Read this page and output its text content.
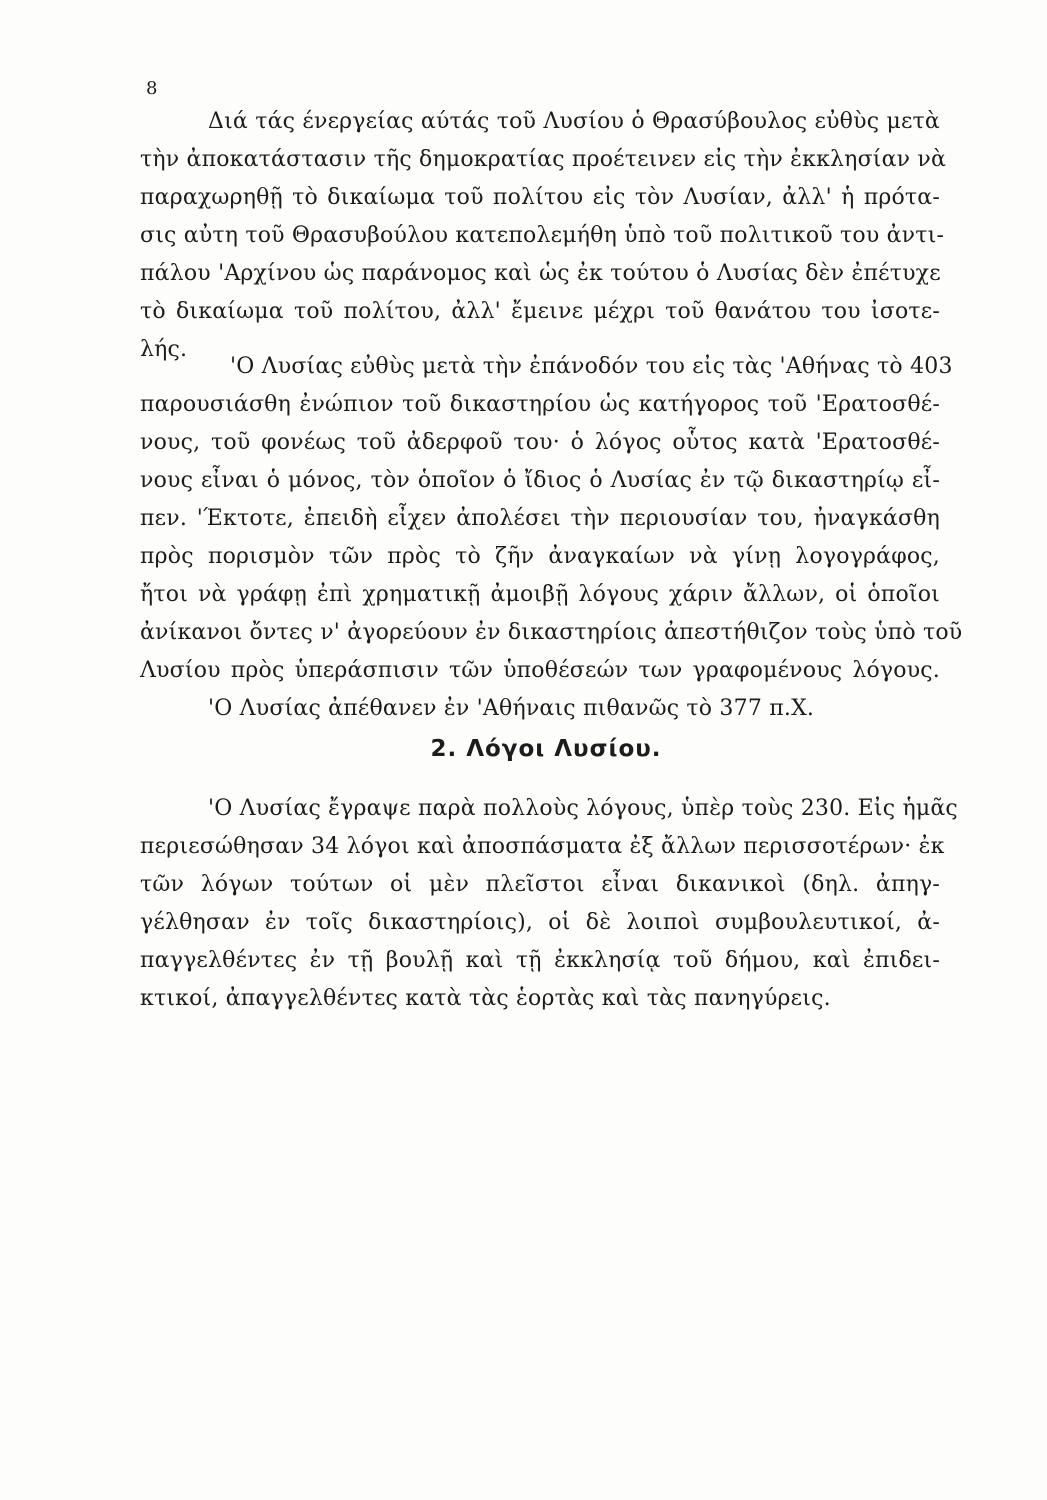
8
Διά τάς ένεργείας αύτάς τοῦ Λυσίου ὁ Θρασύβουλος εὐθὺς μετὰ
τὴν ἀποκατάστασιν τῆς δημοκρατίας προέτεινεν εἰς τὴν ἐκκλησίαν νὰ
παραχωρηθῇ τὸ δικαίωμα τοῦ πολίτου εἰς τὸν Λυσίαν, ἀλλ' ἡ πρότα-
σις αὐτη τοῦ Θρασυβούλου κατεπολεμήθη ὑπὸ τοῦ πολιτικοῦ του ἀντι-
πάλου 'Αρχίνου ὡς παράνομος καὶ ὡς ἐκ τούτου ὁ Λυσίας δὲν ἐπέτυχε
τὸ δικαίωμα τοῦ πολίτου, ἀλλ' ἔμεινε μέχρι τοῦ θανάτου του ἰσοτε-
λής.
'Ο Λυσίας εὐθὺς μετὰ τὴν ἐπάνοδόν του εἰς τὰς 'Αθήνας τὸ 403
παρουσιάσθη ἐνώπιον τοῦ δικαστηρίου ὡς κατήγορος τοῦ 'Ερατοσθέ-
νους, τοῦ φονέως τοῦ ἀδερφοῦ του· ὁ λόγος οὗτος κατὰ 'Ερατοσθέ-
νους εἶναι ὁ μόνος, τὸν ὁποῖον ὁ ἴδιος ὁ Λυσίας ἐν τῷ δικαστηρίῳ εἶ-
πεν. 'Έκτοτε, ἐπειδὴ εἶχεν ἀπολέσει τὴν περιουσίαν του, ἠναγκάσθη
πρὸς πορισμὸν τῶν πρὸς τὸ ζῆν ἀναγκαίων νὰ γίνῃ λογογράφος,
ἤτοι νὰ γράφῃ ἐπὶ χρηματικῇ ἀμοιβῇ λόγους χάριν ἄλλων, οἱ ὁποῖοι
ἀνίκανοι ὄντες ν' ἀγορεύουν ἐν δικαστηρίοις ἀπεστήθιζον τοὺς ὑπὸ τοῦ
Λυσίου πρὸς ὑπεράσπισιν τῶν ὑποθέσεών των γραφομένους λόγους.
'Ο Λυσίας ἀπέθανεν ἐν 'Αθήναις πιθανῶς τὸ 377 π.Χ.
2. Λόγοι Λυσίου.
'Ο Λυσίας ἔγραψε παρὰ πολλοὺς λόγους, ὑπὲρ τοὺς 230. Εἰς ἡμᾶς
περιεσώθησαν 34 λόγοι καὶ ἀποσπάσματα ἐξ ἄλλων περισσοτέρων· ἐκ
τῶν λόγων τούτων οἱ μὲν πλεῖστοι εἶναι δικανικοὶ (δηλ. ἀπηγ-
γέλθησαν ἐν τοῖς δικαστηρίοις), οἱ δὲ λοιποὶ συμβουλευτικοί, ἀ-
παγγελθέντες ἐν τῇ βουλῇ καὶ τῇ ἐκκλησίᾳ τοῦ δήμου, καὶ ἐπιδει-
κτικοί, ἀπαγγελθέντες κατὰ τὰς ἑορτὰς καὶ τὰς πανηγύρεις.
